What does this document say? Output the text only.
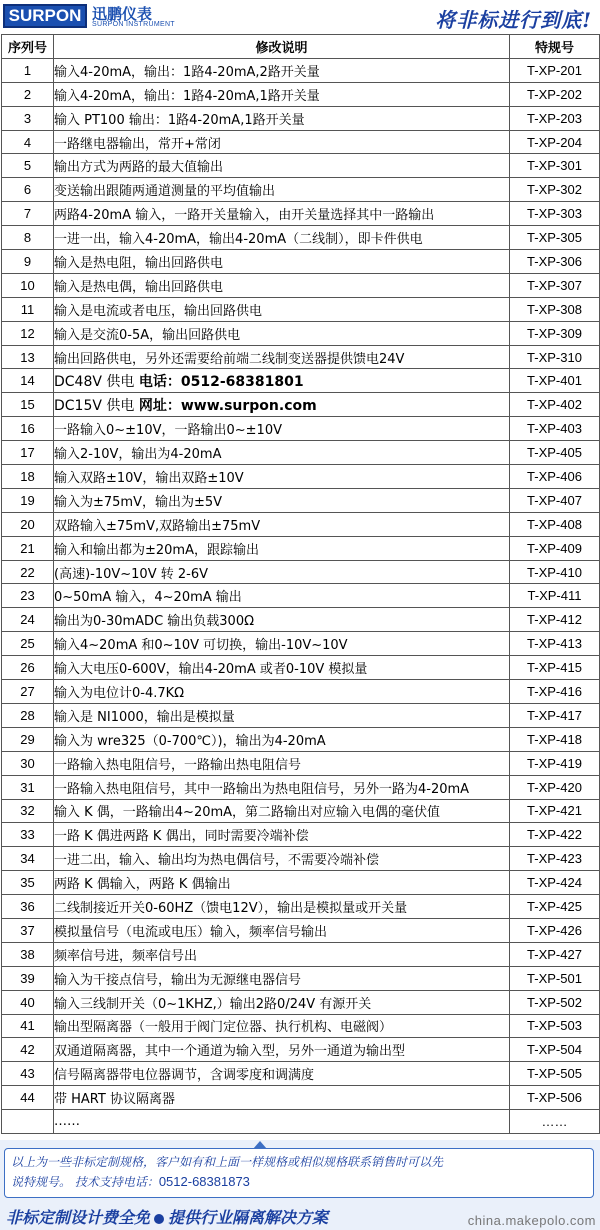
SURPON 迅鹏仪表
SURPON INSTRUMENT	将非标进行到底!
序列号	修改说明	特规号
1	输入4-20mA，输出：1路4-20mA,2路开关量	T-XP-201
2	输入4-20mA，输出：1路4-20mA,1路开关量	T-XP-202
3	输入 PT100 输出：1路4-20mA,1路开关量	T-XP-203
4	一路继电器输出，常开+常闭	T-XP-204
5	输出方式为两路的最大值输出	T-XP-301
6	变送输出跟随两通道测量的平均值输出	T-XP-302
7	两路4-20mA 输入，一路开关量输入，由开关量选择其中一路输出	T-XP-303
8	一进一出，输入4-20mA，输出4-20mA（二线制），即卡件供电	T-XP-305
9	输入是热电阻，输出回路供电	T-XP-306
10	输入是热电偶，输出回路供电	T-XP-307
11	输入是电流或者电压，输出回路供电	T-XP-308
12	输入是交流0-5A，输出回路供电	T-XP-309
13	输出回路供电，另外还需要给前端二线制变送器提供馈电24V	T-XP-310
14	DC48V 供电 电话：0512-68381801	T-XP-401
15	DC15V 供电 网址：www.surpon.com	T-XP-402
16	一路输入0~±10V，一路输出0~±10V	T-XP-403
17	输入2-10V，输出为4-20mA	T-XP-405
18	输入双路±10V，输出双路±10V	T-XP-406
19	输入为±75mV，输出为±5V	T-XP-407
20	双路输入±75mV,双路输出±75mV	T-XP-408
21	输入和输出都为±20mA，跟踪输出	T-XP-409
22	(高速)-10V~10V 转 2-6V	T-XP-410
23	0~50mA 输入，4~20mA 输出	T-XP-411
24	输出为0-30mADC 输出负载300Ω	T-XP-412
25	输入4~20mA 和0~10V 可切换，输出-10V~10V	T-XP-413
26	输入大电压0-600V，输出4-20mA 或者0-10V 模拟量	T-XP-415
27	输入为电位计0-4.7KΩ	T-XP-416
28	输入是 NI1000，输出是模拟量	T-XP-417
29	输入为 wre325（0-700℃）)，输出为4-20mA	T-XP-418
30	一路输入热电阻信号，一路输出热电阻信号	T-XP-419
31	一路输入热电阻信号，其中一路输出为热电阻信号，另外一路为4-20mA	T-XP-420
32	输入 K 偶，一路输出4~20mA，第二路输出对应输入电偶的毫伏值	T-XP-421
33	一路 K 偶进两路 K 偶出，同时需要冷端补偿	T-XP-422
34	一进二出，输入、输出均为热电偶信号，不需要冷端补偿	T-XP-423
35	两路 K 偶输入，两路 K 偶输出	T-XP-424
36	二线制接近开关0-60HZ（馈电12V），输出是模拟量或开关量	T-XP-425
37	模拟量信号（电流或电压）输入，频率信号输出	T-XP-426
38	频率信号进，频率信号出	T-XP-427
39	输入为干接点信号，输出为无源继电器信号	T-XP-501
40	输入三线制开关（0~1KHZ,）输出2路0/24V 有源开关	T-XP-502
41	输出型隔离器（一般用于阀门定位器、执行机构、电磁阀）	T-XP-503
42	双通道隔离器，其中一个通道为输入型，另外一通道为输出型	T-XP-504
43	信号隔离器带电位器调节，含调零度和调满度	T-XP-505
44	带 HART 协议隔离器	T-XP-506
	……	……
以上为一些非标定制规格，客户如有和上面一样规格或相似规格联系销售时可以先
说特规号。 技术支持电话：0512-68381873
非标定制设计费全免 提供行业隔离解决方案	china.makepolo.com
